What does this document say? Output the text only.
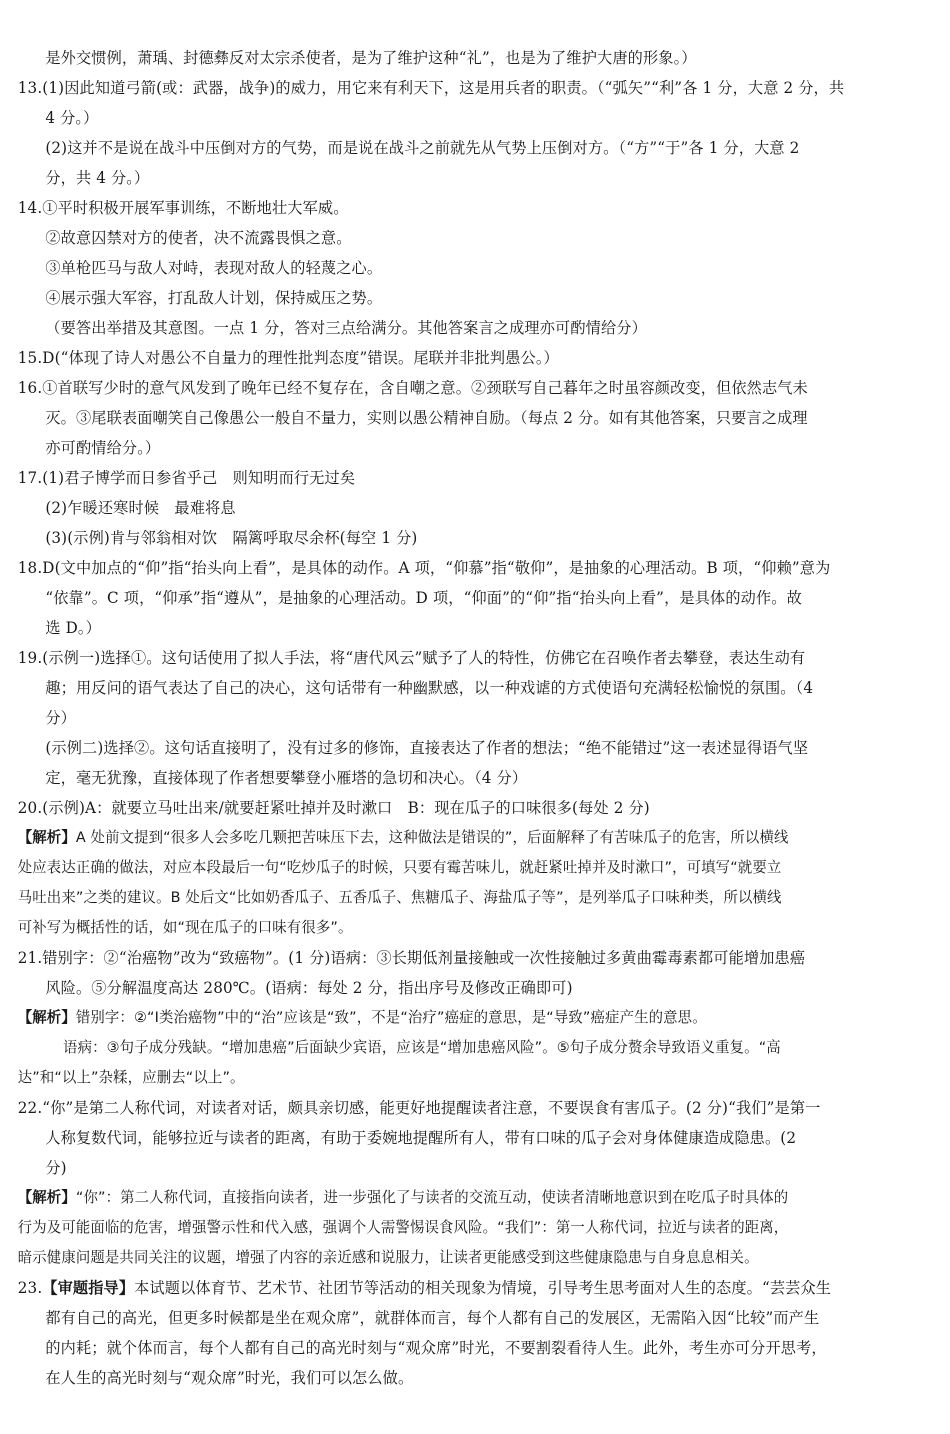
是外交惯例，萧瑀、封德彝反对太宗杀使者，是为了维护这种“礼”，也是为了维护大唐的形象。）
13.(1)因此知道弓箭(或：武器，战争)的威力，用它来有利天下，这是用兵者的职责。（“弧矢”“利”各 1 分，大意 2 分，共
4 分。）
(2)这并不是说在战斗中压倒对方的气势，而是说在战斗之前就先从气势上压倒对方。（“方”“于”各 1 分，大意 2
分，共 4 分。）
14.①平时积极开展军事训练，不断地壮大军威。
②故意囚禁对方的使者，决不流露畏惧之意。
③单枪匹马与敌人对峙，表现对敌人的轻蔑之心。
④展示强大军容，打乱敌人计划，保持威压之势。
（要答出举措及其意图。一点 1 分，答对三点给满分。其他答案言之成理亦可酌情给分）
15.D(“体现了诗人对愚公不自量力的理性批判态度”错误。尾联并非批判愚公。）
16.①首联写少时的意气风发到了晚年已经不复存在，含自嘲之意。②颈联写自己暮年之时虽容颜改变，但依然志气未
灭。③尾联表面嘲笑自己像愚公一般自不量力，实则以愚公精神自励。（每点 2 分。如有其他答案，只要言之成理
亦可酌情给分。）
17.(1)君子博学而日参省乎己　则知明而行无过矣
(2)乍暖还寒时候　最难将息
(3)(示例)肯与邻翁相对饮　隔篱呼取尽余杯(每空 1 分)
18.D(文中加点的“仰”指“抬头向上看”，是具体的动作。A 项，“仰慕”指“敬仰”，是抽象的心理活动。B 项，“仰赖”意为
“依靠”。C 项，“仰承”指“遵从”，是抽象的心理活动。D 项，“仰面”的“仰”指“抬头向上看”，是具体的动作。故
选 D。）
19.(示例一)选择①。这句话使用了拟人手法，将“唐代风云”赋予了人的特性，仿佛它在召唤作者去攀登，表达生动有
趣；用反问的语气表达了自己的决心，这句话带有一种幽默感，以一种戏谑的方式使语句充满轻松愉悦的氛围。（4
分）
(示例二)选择②。这句话直接明了，没有过多的修饰，直接表达了作者的想法；“绝不能错过”这一表述显得语气坚
定，毫无犹豫，直接体现了作者想要攀登小雁塔的急切和决心。（4 分）
20.(示例)A：就要立马吐出来/就要赶紧吐掉并及时漱口　B：现在瓜子的口味很多(每处 2 分)
【解析】A 处前文提到“很多人会多吃几颗把苦味压下去，这种做法是错误的”，后面解释了有苦味瓜子的危害，所以横线
处应表达正确的做法，对应本段最后一句“吃炒瓜子的时候，只要有霉苦味儿，就赶紧吐掉并及时漱口”，可填写“就要立
马吐出来”之类的建议。B 处后文“比如奶香瓜子、五香瓜子、焦糖瓜子、海盐瓜子等”，是列举瓜子口味种类，所以横线
可补写为概括性的话，如“现在瓜子的口味有很多”。
21.错别字：②“治癌物”改为“致癌物”。(1 分)语病：③长期低剂量接触或一次性接触过多黄曲霉毒素都可能增加患癌
风险。⑤分解温度高达 280℃。(语病：每处 2 分，指出序号及修改正确即可)
【解析】错别字：②“Ⅰ类治癌物”中的“治”应该是“致”，不是“治疗”癌症的意思，是“导致”癌症产生的意思。
语病：③句子成分残缺。“增加患癌”后面缺少宾语，应该是“增加患癌风险”。⑤句子成分赘余导致语义重复。“高
达”和“以上”杂糅，应删去“以上”。
22.“你”是第二人称代词，对读者对话，颇具亲切感，能更好地提醒读者注意，不要误食有害瓜子。(2 分)“我们”是第一
人称复数代词，能够拉近与读者的距离，有助于委婉地提醒所有人，带有口味的瓜子会对身体健康造成隐患。(2
分)
【解析】“你”：第二人称代词，直接指向读者，进一步强化了与读者的交流互动，使读者清晰地意识到在吃瓜子时具体的
行为及可能面临的危害，增强警示性和代入感，强调个人需警惕误食风险。“我们”：第一人称代词，拉近与读者的距离，
暗示健康问题是共同关注的议题，增强了内容的亲近感和说服力，让读者更能感受到这些健康隐患与自身息息相关。
23.【审题指导】本试题以体育节、艺术节、社团节等活动的相关现象为情境，引导考生思考面对人生的态度。“芸芸众生
都有自己的高光，但更多时候都是坐在观众席”，就群体而言，每个人都有自己的发展区，无需陷入因“比较”而产生
的内耗；就个体而言，每个人都有自己的高光时刻与“观众席”时光，不要割裂看待人生。此外，考生亦可分开思考，
在人生的高光时刻与“观众席”时光，我们可以怎么做。
